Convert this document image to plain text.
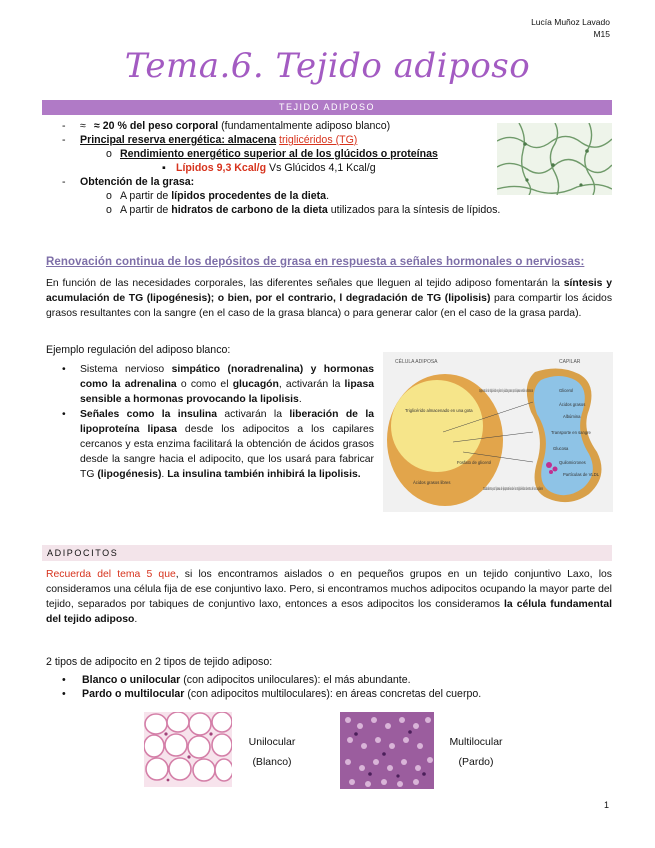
Lucía Muñoz Lavado
M15
Tema.6. Tejido adiposo
TEJIDO ADIPOSO
- ≈ ≈ 20 % del peso corporal (fundamentalmente adiposo blanco)
- Principal reserva energética: almacena triglicéridos (TG)
o Rendimiento energético superior al de los glúcidos o proteínas
▪ Lípidos 9,3 Kcal/g Vs Glúcidos 4,1 Kcal/g
- Obtención de la grasa:
o A partir de lípidos procedentes de la dieta.
o A partir de hidratos de carbono de la dieta utilizados para la síntesis de lípidos.
Renovación continua de los depósitos de grasa en respuesta a señales hormonales o nerviosas:
En función de las necesidades corporales, las diferentes señales que lleguen al tejido adiposo fomentarán la síntesis y acumulación de TG (lipogénesis); o bien, por el contrario, l degradación de TG (lipolisis) para compartir los ácidos grasos resultantes con la sangre (en el caso de la grasa blanca) o para generar calor (en el caso de la grasa parda).
Ejemplo regulación del adiposo blanco:
• Sistema nervioso simpático (noradrenalina) y hormonas como la adrenalina o como el glucagón, activarán la lipasa sensible a hormonas provocando la lipolisis.
• Señales como la insulina activarán la liberación de la lipoproteína lipasa desde los adipocitos a los capilares cercanos y esta enzima facilitará la obtención de ácidos grasos desde la sangre hacia el adipocito, que los usará para fabricar TG (lipogénesis). La insulina también inhibirá la lipolisis.
CÉLULA ADIPOSA	CAPILAR
Triglicérido almacenado en una gota
Fosfato de glicerol
Ácidos grasos libres
Segmentación de triglicérido en glicerol y ácidos grasos por la lipasa sensible a hormonas
Catabolismo por lipasa de lipoproteína de los triglicéridos dentro de los capilares
Glicerol
Ácidos grasos
Albúmina
Transporte en sangre
Glucosa
Quilomicrones
Partículas de VLDL
ADIPOCITOS
Recuerda del tema 5 que, si los encontramos aislados o en pequeños grupos en un tejido conjuntivo Laxo, los consideramos una célula fija de ese conjuntivo laxo. Pero, si encontramos muchos adipocitos ocupando la mayor parte del tejido, separados por tabiques de conjuntivo laxo, entonces a esos adipocitos los consideramos la célula fundamental del tejido adiposo.
2 tipos de adipocito en 2 tipos de tejido adiposo:
• Blanco o unilocular (con adipocitos uniloculares): el más abundante.
• Pardo o multilocular (con adipocitos multiloculares): en áreas concretas del cuerpo.
Unilocular
(Blanco)
Multilocular
(Pardo)
1
